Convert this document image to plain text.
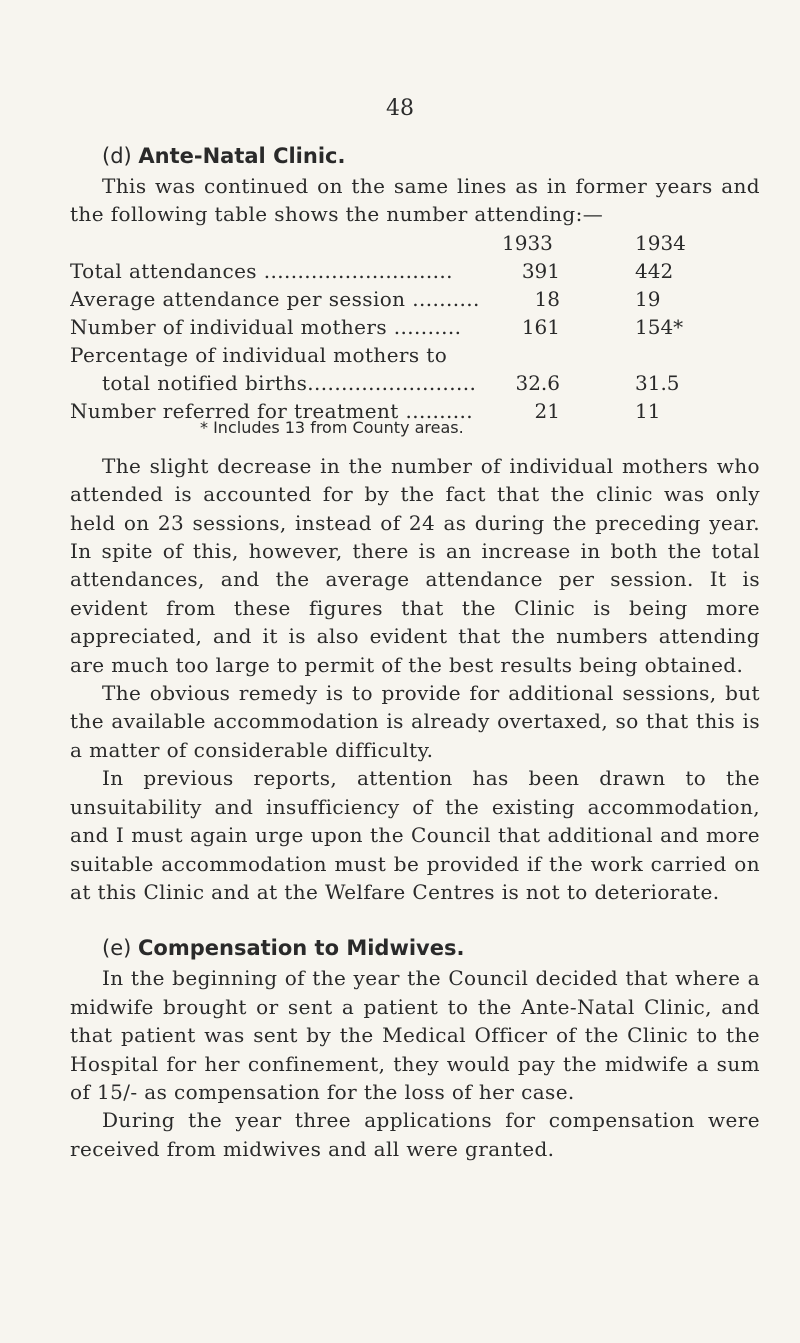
48
(d) Ante-Natal Clinic.

This was continued on the same lines as in former years and the following table shows the number attending:—

1933	1934
Total attendances ............................	391	442
Average attendance per session ..........	18	19
Number of individual mothers ..........	161	154*
Percentage of individual mothers to
total notified births.........................	32.6	31.5
Number referred for treatment ..........	21	11
* Includes 13 from County areas.

The slight decrease in the number of individual mothers who attended is accounted for by the fact that the clinic was only held on 23 sessions, instead of 24 as during the preceding year. In spite of this, however, there is an increase in both the total attendances, and the average attendance per session. It is evident from these figures that the Clinic is being more appreciated, and it is also evident that the numbers attending are much too large to permit of the best results being obtained.

The obvious remedy is to provide for additional sessions, but the available accommodation is already overtaxed, so that this is a matter of considerable difficulty.

In previous reports, attention has been drawn to the unsuitability and insufficiency of the existing accommodation, and I must again urge upon the Council that additional and more suitable accommodation must be provided if the work carried on at this Clinic and at the Welfare Centres is not to deteriorate.

(e) Compensation to Midwives.

In the beginning of the year the Council decided that where a midwife brought or sent a patient to the Ante-Natal Clinic, and that patient was sent by the Medical Officer of the Clinic to the Hospital for her confinement, they would pay the midwife a sum of 15/- as compensation for the loss of her case.

During the year three applications for compensation were received from midwives and all were granted.
